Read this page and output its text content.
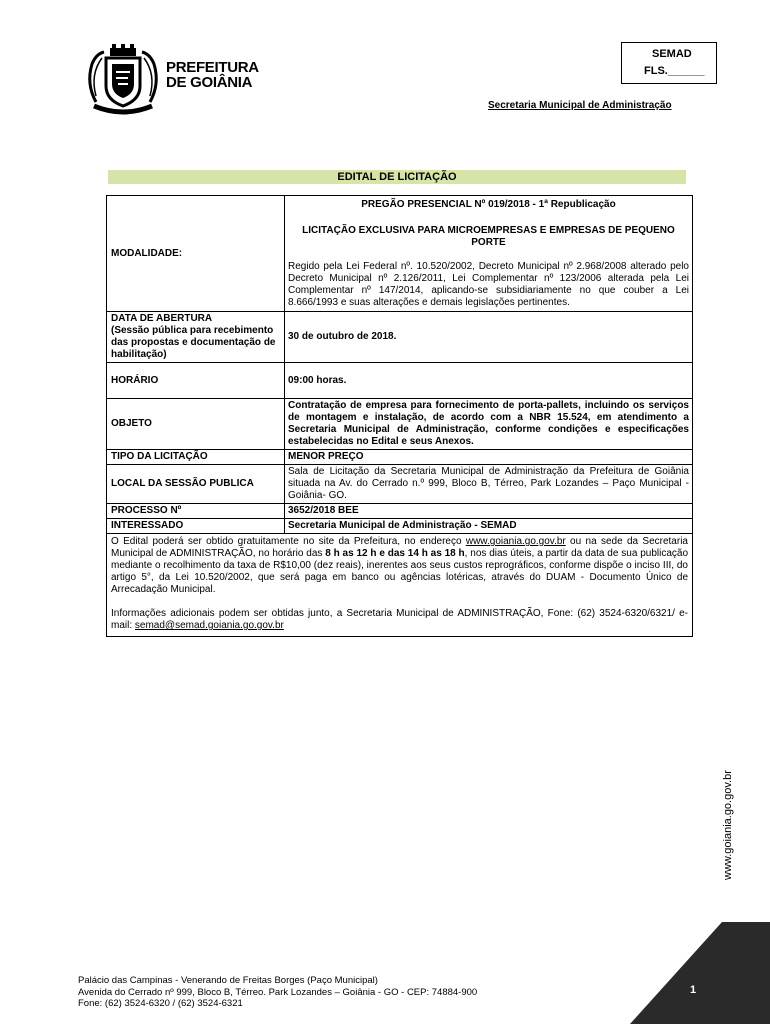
PREFEITURA
DE GOIÂNIA
SEMAD
FLS.______
Secretaria Municipal de Administração
EDITAL DE LICITAÇÃO
MODALIDADE:	PREGÃO PRESENCIAL Nº 019/2018 - 1ª Republicação
LICITAÇÃO EXCLUSIVA PARA MICROEMPRESAS E EMPRESAS DE PEQUENO PORTE
Regido pela Lei Federal nº. 10.520/2002, Decreto Municipal nº 2.968/2008 alterado pelo Decreto Municipal nº 2.126/2011, Lei Complementar nº 123/2006 alterada pela Lei Complementar nº 147/2014, aplicando-se subsidiariamente no que couber a Lei 8.666/1993 e suas alterações e demais legislações pertinentes.

DATA DE ABERTURA
(Sessão pública para recebimento das propostas e documentação de habilitação)	30 de outubro de 2018.
HORÁRIO	09:00 horas.
OBJETO	Contratação de empresa para fornecimento de porta-pallets, incluindo os serviços de montagem e instalação, de acordo com a NBR 15.524, em atendimento a Secretaria Municipal de Administração, conforme condições e especificações estabelecidas no Edital e seus Anexos.
TIPO DA LICITAÇÃO	MENOR PREÇO
LOCAL DA SESSÃO PUBLICA	Sala de Licitação da Secretaria Municipal de Administração da Prefeitura de Goiânia situada na Av. do Cerrado n.º 999, Bloco B, Térreo, Park Lozandes – Paço Municipal - Goiânia- GO.
PROCESSO Nº	3652/2018 BEE
INTERESSADO	Secretaria Municipal de Administração - SEMAD

O Edital poderá ser obtido gratuitamente no site da Prefeitura, no endereço www.goiania.go.gov.br ou na sede da Secretaria Municipal de ADMINISTRAÇÃO, no horário das 8 h as 12 h e das 14 h as 18 h, nos dias úteis, a partir da data de sua publicação mediante o recolhimento da taxa de R$10,00 (dez reais), inerentes aos seus custos reprográficos, conforme dispõe o inciso III, do artigo 5°, da Lei 10.520/2002, que será paga em banco ou agências lotéricas, através do DUAM - Documento Único de Arrecadação Municipal.
Informações adicionais podem ser obtidas junto, a Secretaria Municipal de ADMINISTRAÇÃO, Fone: (62) 3524-6320/6321/ e-mail: semad@semad.goiania.go.gov.br	
www.goiania.go.gov.br
Palácio das Campinas - Venerando de Freitas Borges (Paço Municipal)
Avenida do Cerrado nº 999, Bloco B, Térreo. Park Lozandes – Goiânia - GO - CEP: 74884-900
Fone: (62) 3524-6320 / (62) 3524-6321
1
